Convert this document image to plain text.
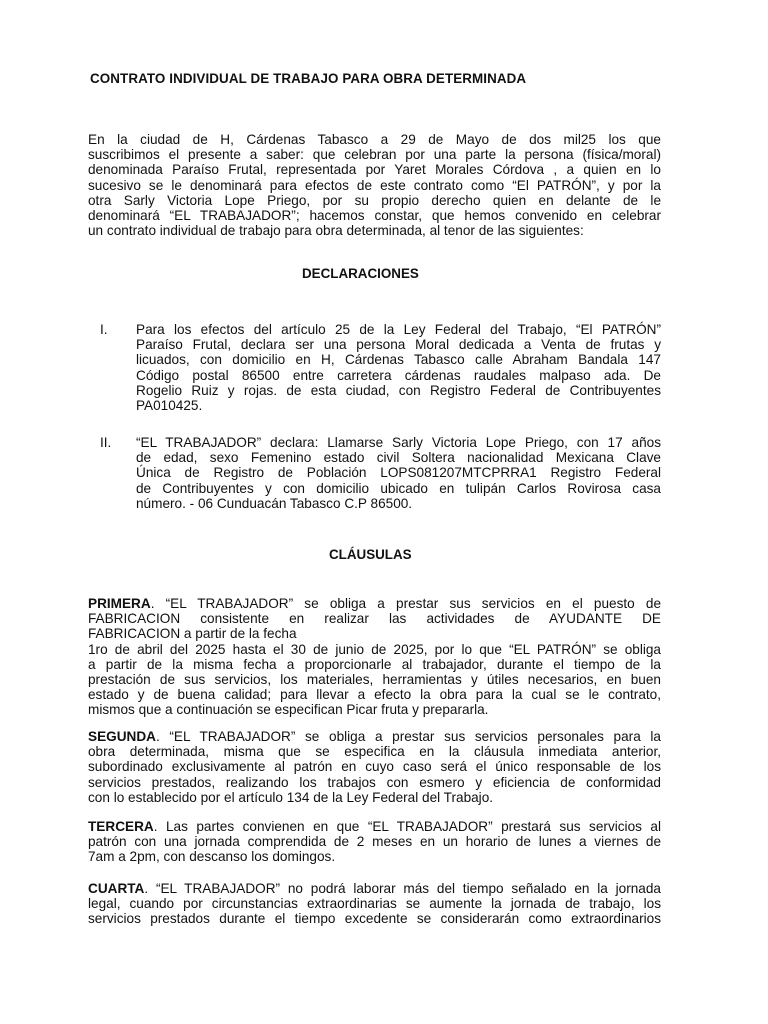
CONTRATO INDIVIDUAL DE TRABAJO PARA OBRA DETERMINADA

En la ciudad de H, Cárdenas Tabasco a 29 de Mayo de dos mil25 los que
suscribimos el presente a saber: que celebran por una parte la persona (física/moral)
denominada Paraíso Frutal, representada por Yaret Morales Córdova , a quien en lo
sucesivo se le denominará para efectos de este contrato como “El PATRÓN”, y por la
otra Sarly Victoria Lope Priego, por su propio derecho quien en delante de le
denominará “EL TRABAJADOR”; hacemos constar, que hemos convenido en celebrar
un contrato individual de trabajo para obra determinada, al tenor de las siguientes:

DECLARACIONES
I.	Para los efectos del artículo 25 de la Ley Federal del Trabajo, “El PATRÓN”
Paraíso Frutal, declara ser una persona Moral dedicada a Venta de frutas y
licuados, con domicilio en H, Cárdenas Tabasco calle Abraham Bandala 147
Código postal 86500 entre carretera cárdenas raudales malpaso ada. De
Rogelio Ruiz y rojas. de esta ciudad, con Registro Federal de Contribuyentes
PA010425.
II.	“EL TRABAJADOR” declara: Llamarse Sarly Victoria Lope Priego, con 17 años
de edad, sexo Femenino estado civil Soltera nacionalidad Mexicana Clave
Única de Registro de Población LOPS081207MTCPRRA1 Registro Federal
de Contribuyentes y con domicilio ubicado en tulipán Carlos Rovirosa casa
número. - 06 Cunduacán Tabasco C.P 86500.
CLÁUSULAS

PRIMERA. “EL TRABAJADOR” se obliga a prestar sus servicios en el puesto de
FABRICACION consistente en realizar las actividades de AYUDANTE DE
FABRICACION a partir de la fecha
1ro de abril del 2025 hasta el 30 de junio de 2025, por lo que “EL PATRÓN” se obliga
a partir de la misma fecha a proporcionarle al trabajador, durante el tiempo de la
prestación de sus servicios, los materiales, herramientas y útiles necesarios, en buen
estado y de buena calidad; para llevar a efecto la obra para la cual se le contrato,
mismos que a continuación se especifican Picar fruta y prepararla.

SEGUNDA. “EL TRABAJADOR” se obliga a prestar sus servicios personales para la
obra determinada, misma que se especifica en la cláusula inmediata anterior,
subordinado exclusivamente al patrón en cuyo caso será el único responsable de los
servicios prestados, realizando los trabajos con esmero y eficiencia de conformidad
con lo establecido por el artículo 134 de la Ley Federal del Trabajo.

TERCERA. Las partes convienen en que “EL TRABAJADOR” prestará sus servicios al
patrón con una jornada comprendida de 2 meses en un horario de lunes a viernes de
7am a 2pm, con descanso los domingos.

CUARTA. “EL TRABAJADOR” no podrá laborar más del tiempo señalado en la jornada
legal, cuando por circunstancias extraordinarias se aumente la jornada de trabajo, los
servicios prestados durante el tiempo excedente se considerarán como extraordinarios
